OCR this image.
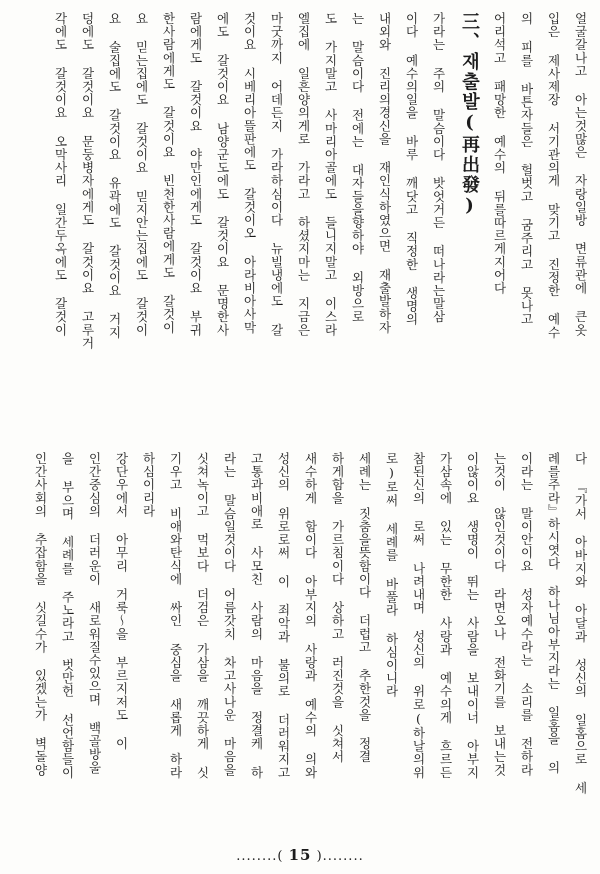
얼굴갈나고 아는것많은 자랑일방 면류관에 큰옷
입은 제사제장 서기관의게 맞기고 진정한 예수
의 피를 바튼자들은 헐벗고 굼주리고 못나고
어리석고 패망한 예수의 뒤를따르게지어다
三、재출발(再出發)
가라는 주의 말슴이다 밧엇거든 떠나라는말삼
이다 예수의일을 바루 깨닷고 직정한 생명의
내외와 진리의경신을 재인식하였으면 재출발하자
는 말슴이다 전에는 대자들을향하야 외방으로
도 가지말고 사마리아골에도 들니지말고 이스라
엘집에 일흔양의게로 가라고 하셨지마는 지금은
마굿까지 어데든지 가라하심이다 뉴빌냉에도 갈
것이요 시베리아뜰판에도 갈것이오 아라비아사막
에도 갈것이요 남양군도에도 갈것이요 문명한사
람에게도 갈것이요 야만인에게도 갈것이요 부귀
한사람에게도 갈것이요 빈천한사람에게도 갈것이
요 믿는집에도 갈것이요 믿지안는집에도 갈것이
요 술집에도 갈것이요 유곽에도 갈것이요 거지
덩에도 갈것이요 문둥병자에게도 갈것이요 고루거
각에도 갈것이요 오막사리 일간두옥에도 갈것이
다 『가서 아바지와 아달과 성신의 일홈으로 세
례를주라』하시엿다 하나님아부지라는 일홈을 의
이라는 말이안이요 성자예수라는 소리를 전하라
는것이 않인것이다 라면오나 전화기를 보내는것
이않이요 생명이 뛰는 사람을 보내이너 아부지
가삼속에 있는 무한한 사랑과 예수의게 흐르든
참된신의 로써 나려내며 성신의 위로(하날의위
로)로써 세례를 바풀라 하심이니라
세례는 짓춤을뜻함이다 더럽고 추한것을 정결
하게함을 가르침이다 상하고 러진것을 싯쳐서
새수하게 함이다 아부지의 사랑과 예수의 의와
성신의 위로로써 이 죄악과 불의로 더러워지고
고통과비애로 사모친 사람의 마음을 정결케 하
라는 말슴일것이다 어름갓치 차고사나운 마음을
싯쳐녹이고 먹보다 더검은 가삼을 깨끗하게 싯
기우고 비애와탄식에 싸인 중심을 새롭게 하라
하심이리라
강단우에서 아무리 거룩〜을 부르지저도 이
인간중심의 더러운이 새로워질수있으며 백골방울
을 부으며 세례를 주노라고 벗만헌 선언함들이
인간사회의 추잡함을 싯길수가 있겠는가 벽돌양
........( 15 )........
